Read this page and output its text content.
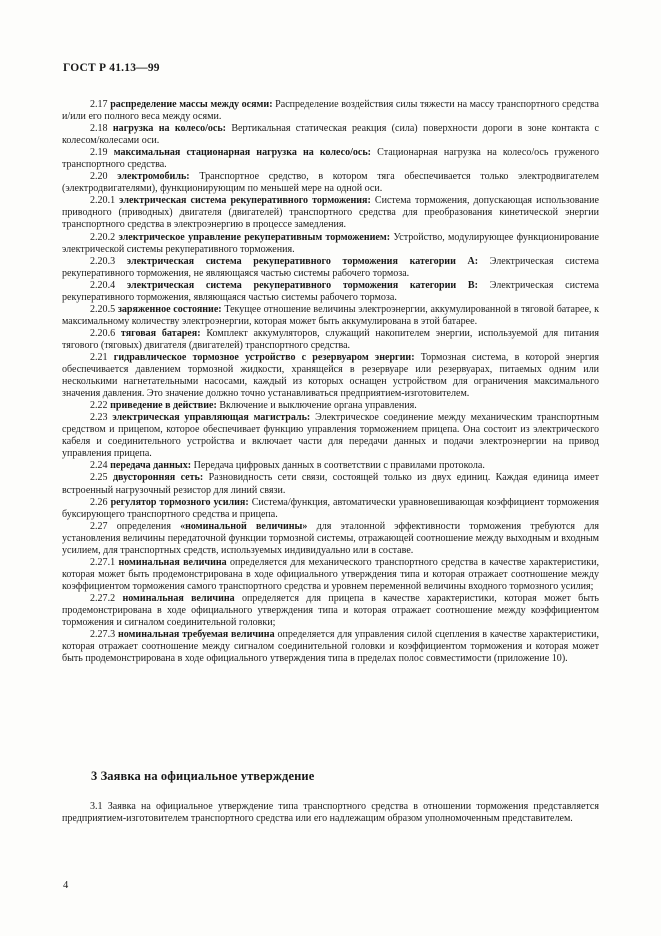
ГОСТ Р 41.13—99

2.17 распределение массы между осями: Распределение воздействия силы тяжести на массу транспортного средства и/или его полного веса между осями.

2.18 нагрузка на колесо/ось: Вертикальная статическая реакция (сила) поверхности дороги в зоне контакта с колесом/колесами оси.

2.19 максимальная стационарная нагрузка на колесо/ось: Стационарная нагрузка на колесо/ось груженого транспортного средства.

2.20 электромобиль: Транспортное средство, в котором тяга обеспечивается только электродвигателем (электродвигателями), функционирующим по меньшей мере на одной оси.

2.20.1 электрическая система рекуперативного торможения: Система торможения, допускающая использование приводного (приводных) двигателя (двигателей) транспортного средства для преобразования кинетической энергии транспортного средства в электроэнергию в процессе замедления.

2.20.2 электрическое управление рекуперативным торможением: Устройство, модулирующее функционирование электрической системы рекуперативного торможения.

2.20.3 электрическая система рекуперативного торможения категории А: Электрическая система рекуперативного торможения, не являющаяся частью системы рабочего тормоза.

2.20.4 электрическая система рекуперативного торможения категории В: Электрическая система рекуперативного торможения, являющаяся частью системы рабочего тормоза.

2.20.5 заряженное состояние: Текущее отношение величины электроэнергии, аккумулированной в тяговой батарее, к максимальному количеству электроэнергии, которая может быть аккумулирована в этой батарее.

2.20.6 тяговая батарея: Комплект аккумуляторов, служащий накопителем энергии, используемой для питания тягового (тяговых) двигателя (двигателей) транспортного средства.

2.21 гидравлическое тормозное устройство с резервуаром энергии: Тормозная система, в которой энергия обеспечивается давлением тормозной жидкости, хранящейся в резервуаре или резервуарах, питаемых одним или несколькими нагнетательными насосами, каждый из которых оснащен устройством для ограничения максимального значения давления. Это значение должно точно устанавливаться предприятием-изготовителем.

2.22 приведение в действие: Включение и выключение органа управления.

2.23 электрическая управляющая магистраль: Электрическое соединение между механическим транспортным средством и прицепом, которое обеспечивает функцию управления торможением прицепа. Она состоит из электрического кабеля и соединительного устройства и включает части для передачи данных и подачи электроэнергии на привод управления прицепа.

2.24 передача данных: Передача цифровых данных в соответствии с правилами протокола.

2.25 двусторонняя сеть: Разновидность сети связи, состоящей только из двух единиц. Каждая единица имеет встроенный нагрузочный резистор для линий связи.

2.26 регулятор тормозного усилия: Система/функция, автоматически уравновешивающая коэффициент торможения буксирующего транспортного средства и прицепа.

2.27 определения «номинальной величины» для эталонной эффективности торможения требуются для установления величины передаточной функции тормозной системы, отражающей соотношение между выходным и входным усилием, для транспортных средств, используемых индивидуально или в составе.

2.27.1 номинальная величина определяется для механического транспортного средства в качестве характеристики, которая может быть продемонстрирована в ходе официального утверждения типа и которая отражает соотношение между коэффициентом торможения самого транспортного средства и уровнем переменной величины входного тормозного усилия;

2.27.2 номинальная величина определяется для прицепа в качестве характеристики, которая может быть продемонстрирована в ходе официального утверждения типа и которая отражает соотношение между коэффициентом торможения и сигналом соединительной головки;

2.27.3 номинальная требуемая величина определяется для управления силой сцепления в качестве характеристики, которая отражает соотношение между сигналом соединительной головки и коэффициентом торможения и которая может быть продемонстрирована в ходе официального утверждения типа в пределах полос совместимости (приложение 10).

3 Заявка на официальное утверждение

3.1 Заявка на официальное утверждение типа транспортного средства в отношении торможения представляется предприятием-изготовителем транспортного средства или его надлежащим образом уполномоченным представителем.

4
